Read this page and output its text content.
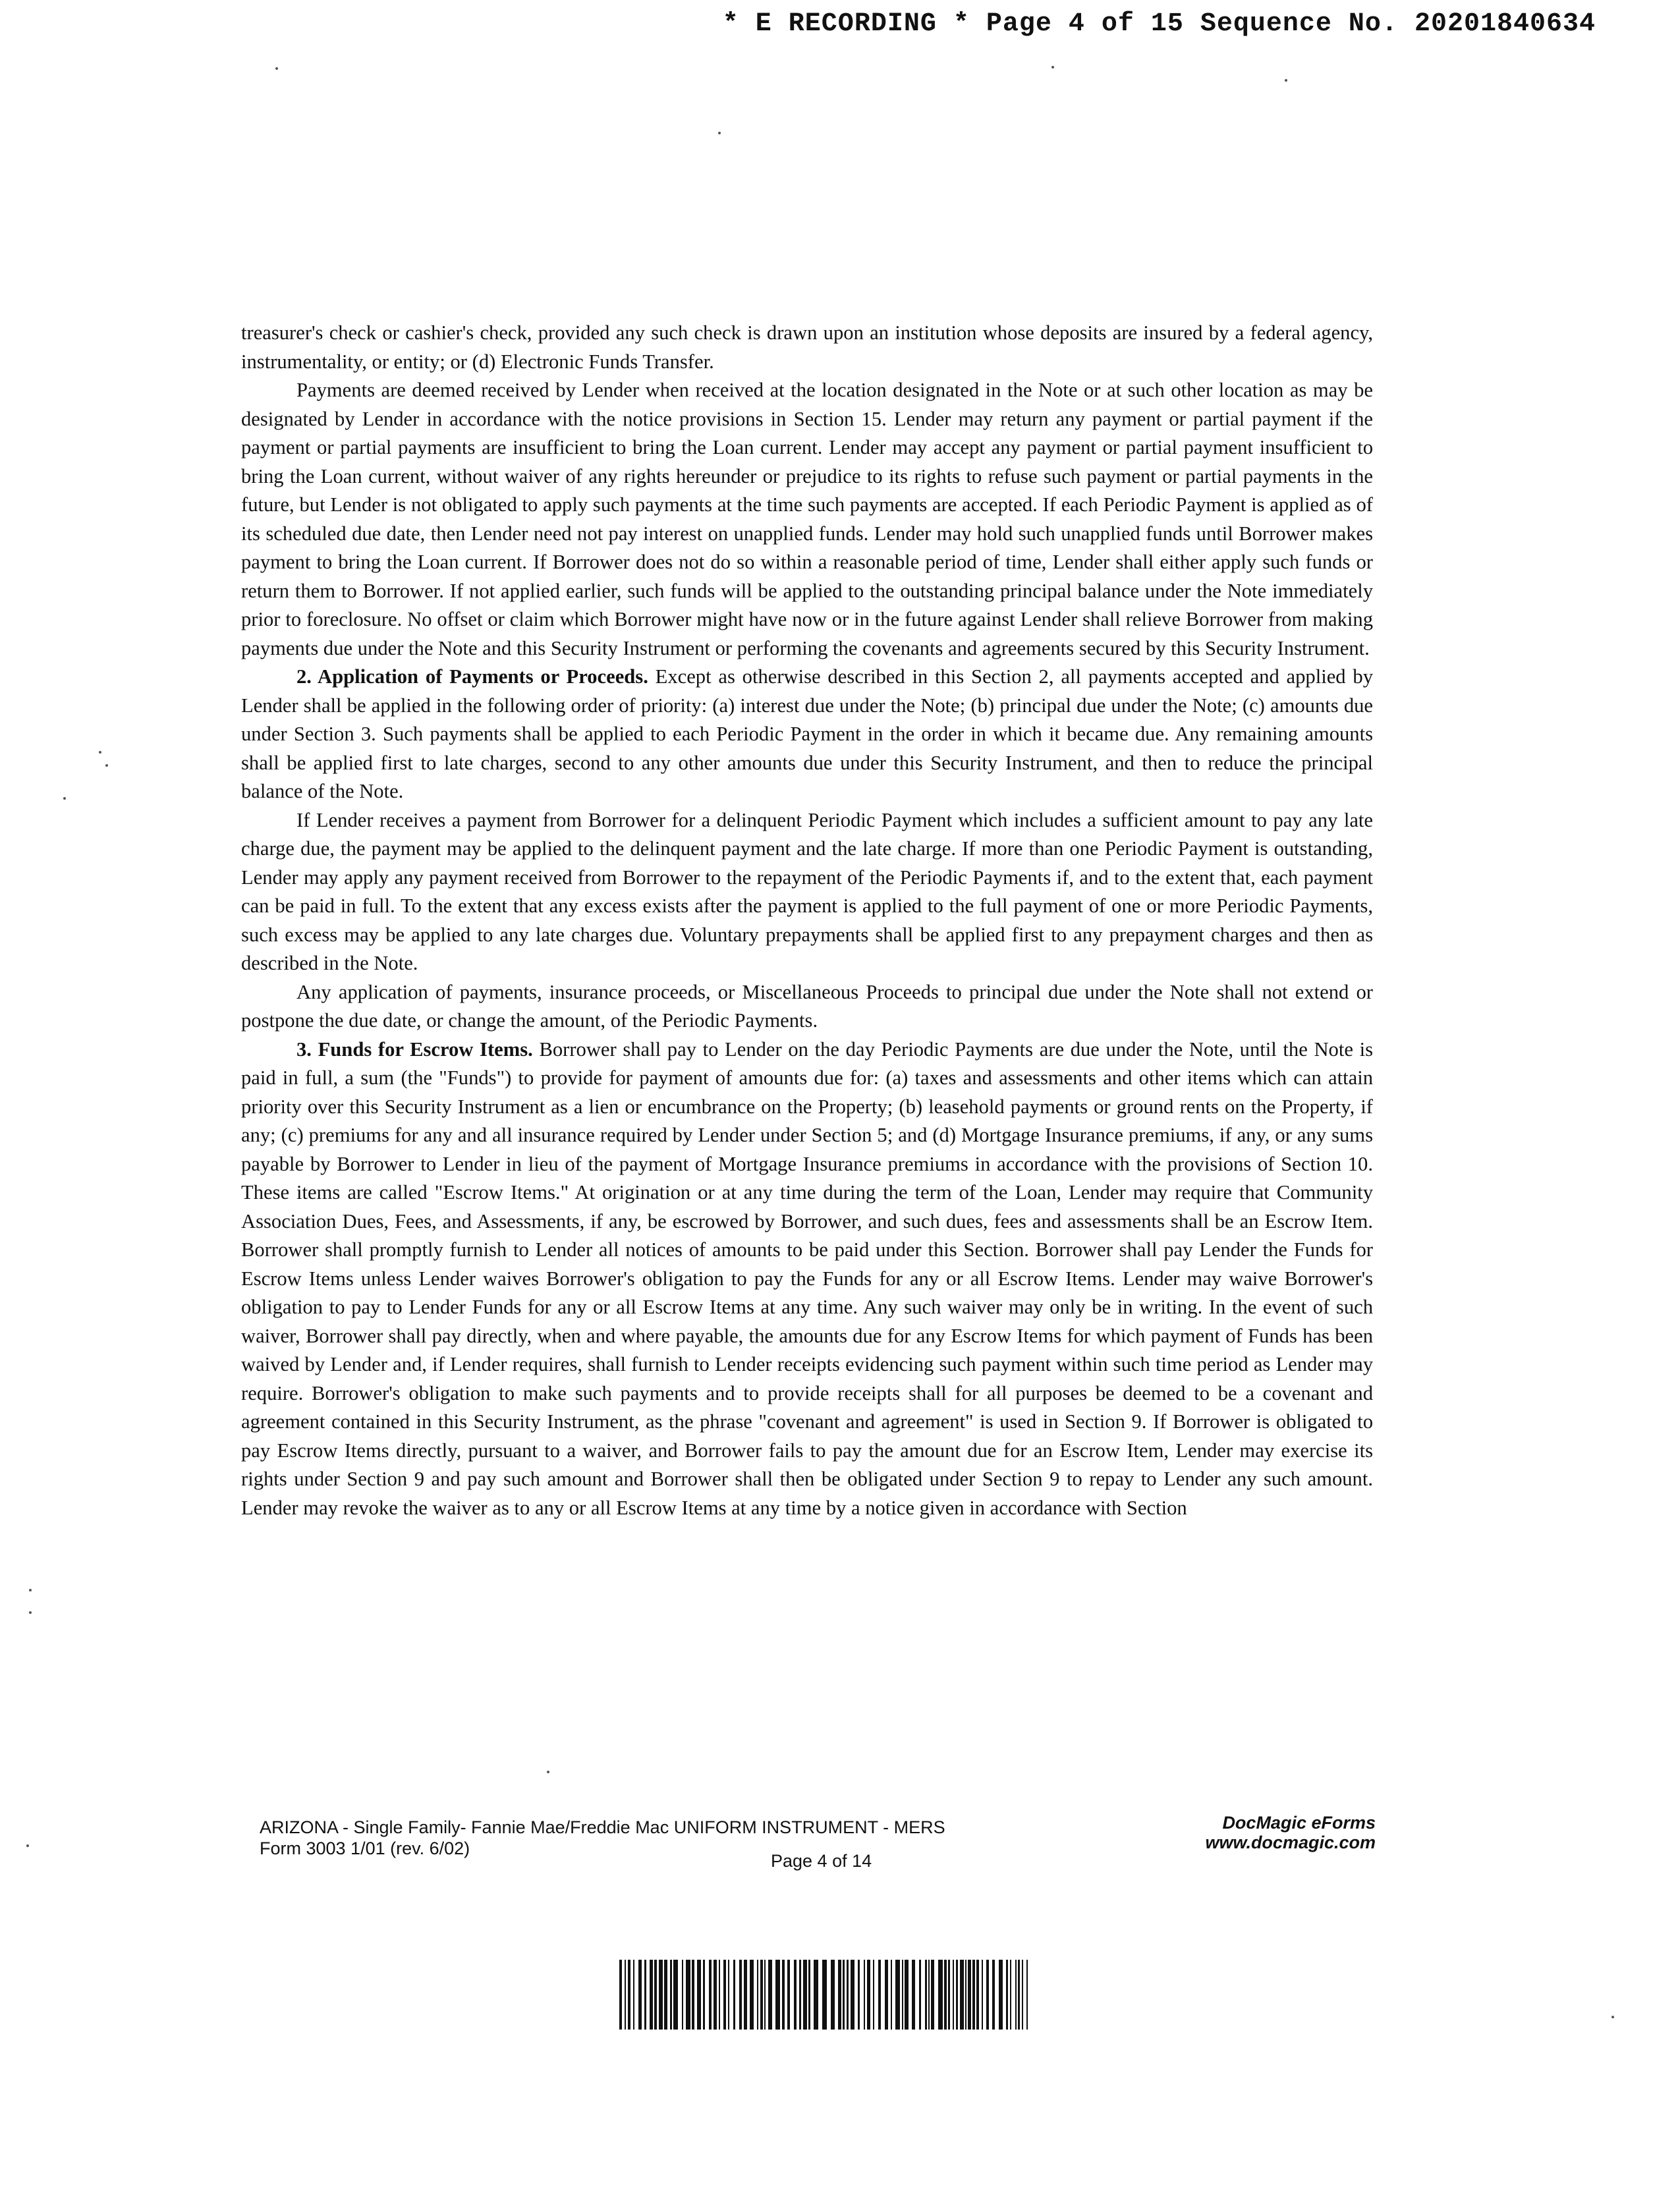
* E RECORDING * Page 4 of 15 Sequence No. 20201840634

treasurer's check or cashier's check, provided any such check is drawn upon an institution whose deposits are insured by a federal agency, instrumentality, or entity; or (d) Electronic Funds Transfer.

Payments are deemed received by Lender when received at the location designated in the Note or at such other location as may be designated by Lender in accordance with the notice provisions in Section 15. Lender may return any payment or partial payment if the payment or partial payments are insufficient to bring the Loan current. Lender may accept any payment or partial payment insufficient to bring the Loan current, without waiver of any rights hereunder or prejudice to its rights to refuse such payment or partial payments in the future, but Lender is not obligated to apply such payments at the time such payments are accepted. If each Periodic Payment is applied as of its scheduled due date, then Lender need not pay interest on unapplied funds. Lender may hold such unapplied funds until Borrower makes payment to bring the Loan current. If Borrower does not do so within a reasonable period of time, Lender shall either apply such funds or return them to Borrower. If not applied earlier, such funds will be applied to the outstanding principal balance under the Note immediately prior to foreclosure. No offset or claim which Borrower might have now or in the future against Lender shall relieve Borrower from making payments due under the Note and this Security Instrument or performing the covenants and agreements secured by this Security Instrument.

2. Application of Payments or Proceeds. Except as otherwise described in this Section 2, all payments accepted and applied by Lender shall be applied in the following order of priority: (a) interest due under the Note; (b) principal due under the Note; (c) amounts due under Section 3. Such payments shall be applied to each Periodic Payment in the order in which it became due. Any remaining amounts shall be applied first to late charges, second to any other amounts due under this Security Instrument, and then to reduce the principal balance of the Note.

If Lender receives a payment from Borrower for a delinquent Periodic Payment which includes a sufficient amount to pay any late charge due, the payment may be applied to the delinquent payment and the late charge. If more than one Periodic Payment is outstanding, Lender may apply any payment received from Borrower to the repayment of the Periodic Payments if, and to the extent that, each payment can be paid in full. To the extent that any excess exists after the payment is applied to the full payment of one or more Periodic Payments, such excess may be applied to any late charges due. Voluntary prepayments shall be applied first to any prepayment charges and then as described in the Note.

Any application of payments, insurance proceeds, or Miscellaneous Proceeds to principal due under the Note shall not extend or postpone the due date, or change the amount, of the Periodic Payments.

3. Funds for Escrow Items. Borrower shall pay to Lender on the day Periodic Payments are due under the Note, until the Note is paid in full, a sum (the "Funds") to provide for payment of amounts due for: (a) taxes and assessments and other items which can attain priority over this Security Instrument as a lien or encumbrance on the Property; (b) leasehold payments or ground rents on the Property, if any; (c) premiums for any and all insurance required by Lender under Section 5; and (d) Mortgage Insurance premiums, if any, or any sums payable by Borrower to Lender in lieu of the payment of Mortgage Insurance premiums in accordance with the provisions of Section 10. These items are called "Escrow Items." At origination or at any time during the term of the Loan, Lender may require that Community Association Dues, Fees, and Assessments, if any, be escrowed by Borrower, and such dues, fees and assessments shall be an Escrow Item. Borrower shall promptly furnish to Lender all notices of amounts to be paid under this Section. Borrower shall pay Lender the Funds for Escrow Items unless Lender waives Borrower's obligation to pay the Funds for any or all Escrow Items. Lender may waive Borrower's obligation to pay to Lender Funds for any or all Escrow Items at any time. Any such waiver may only be in writing. In the event of such waiver, Borrower shall pay directly, when and where payable, the amounts due for any Escrow Items for which payment of Funds has been waived by Lender and, if Lender requires, shall furnish to Lender receipts evidencing such payment within such time period as Lender may require. Borrower's obligation to make such payments and to provide receipts shall for all purposes be deemed to be a covenant and agreement contained in this Security Instrument, as the phrase "covenant and agreement" is used in Section 9. If Borrower is obligated to pay Escrow Items directly, pursuant to a waiver, and Borrower fails to pay the amount due for an Escrow Item, Lender may exercise its rights under Section 9 and pay such amount and Borrower shall then be obligated under Section 9 to repay to Lender any such amount. Lender may revoke the waiver as to any or all Escrow Items at any time by a notice given in accordance with Section

ARIZONA - Single Family- Fannie Mae/Freddie Mac UNIFORM INSTRUMENT - MERS
Form 3003 1/01 (rev. 6/02)
Page 4 of 14
DocMagic eForms
www.docmagic.com
